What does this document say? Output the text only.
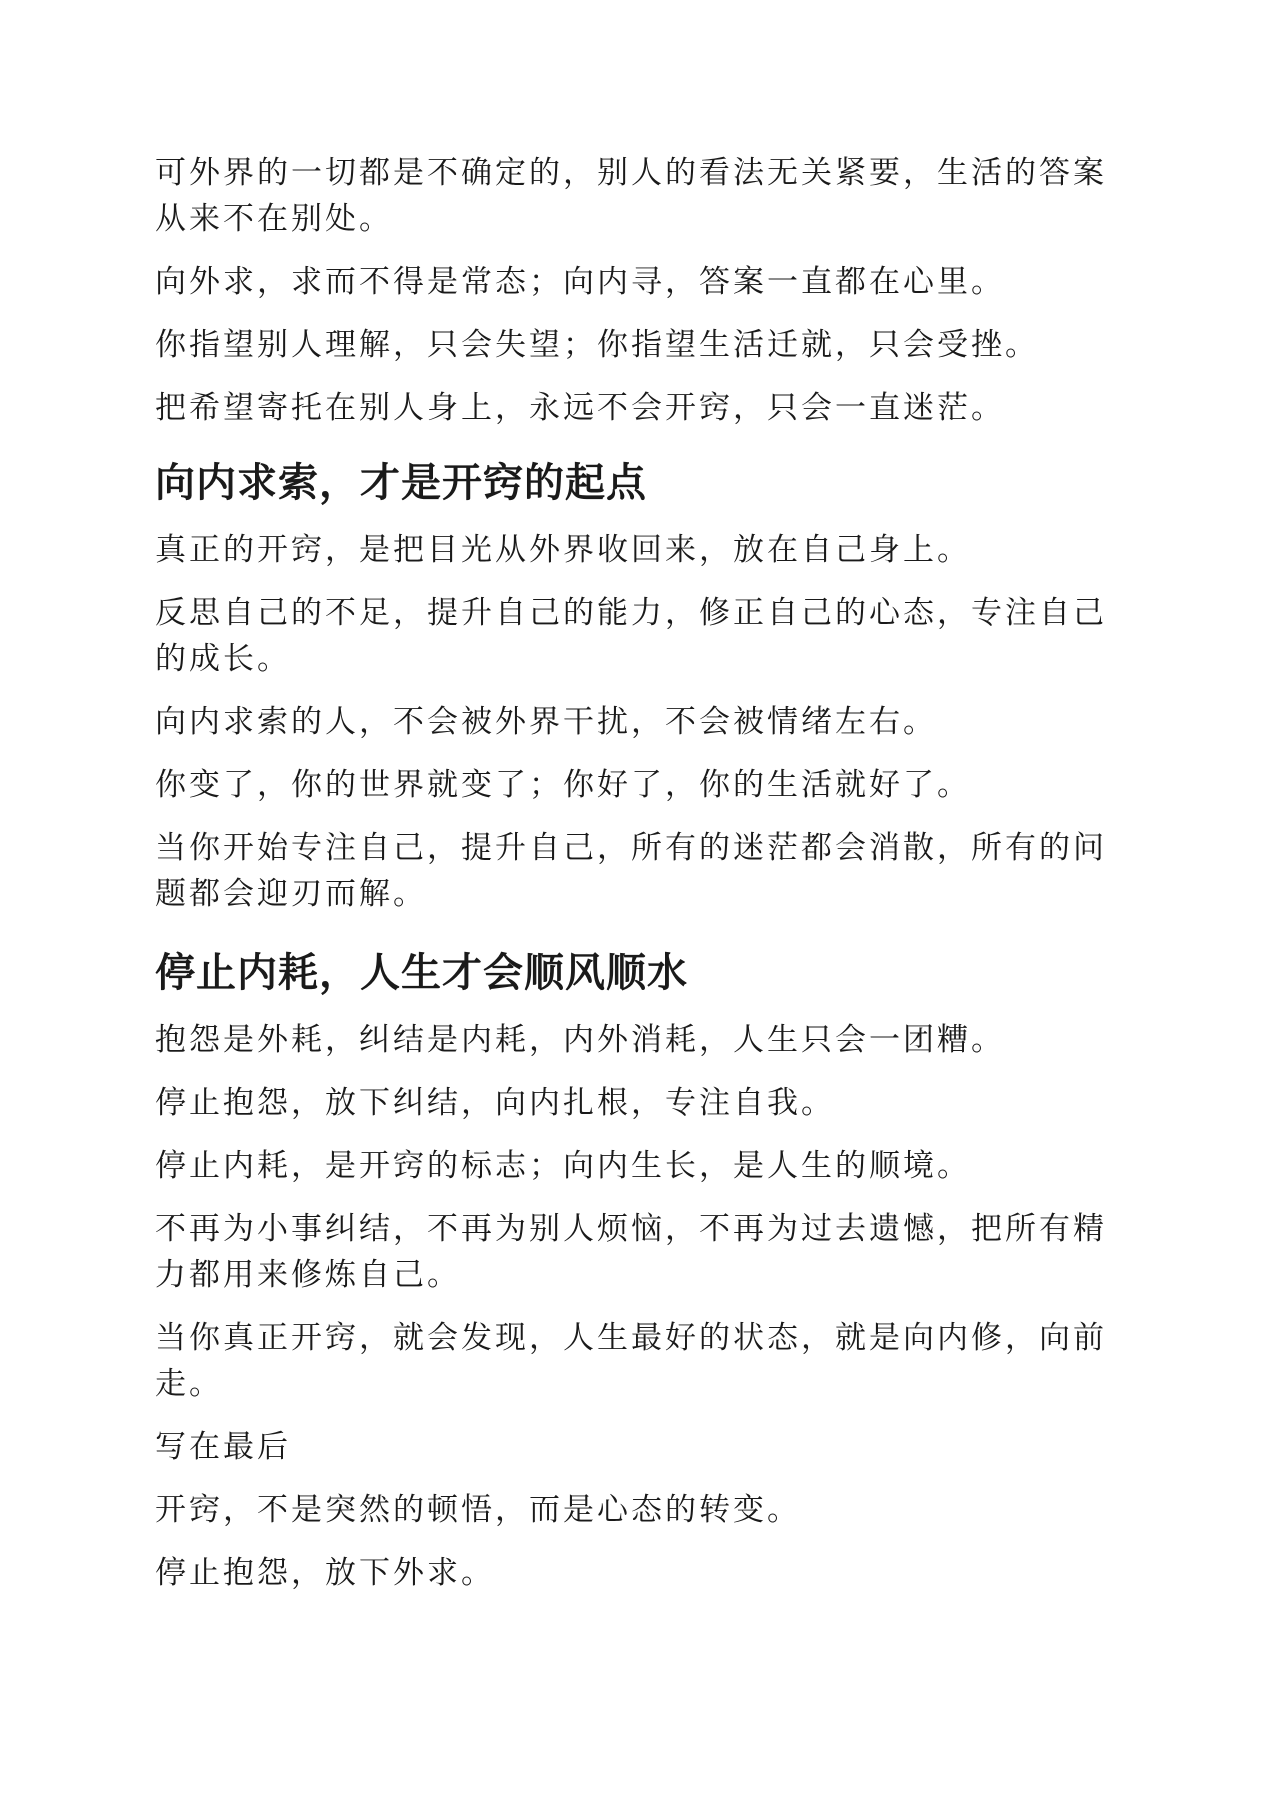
可外界的一切都是不确定的，别人的看法无关紧要，生活的答案从来不在别处。

向外求，求而不得是常态；向内寻，答案一直都在心里。

你指望别人理解，只会失望；你指望生活迁就，只会受挫。

把希望寄托在别人身上，永远不会开窍，只会一直迷茫。

向内求索，才是开窍的起点

真正的开窍，是把目光从外界收回来，放在自己身上。

反思自己的不足，提升自己的能力，修正自己的心态，专注自己的成长。

向内求索的人，不会被外界干扰，不会被情绪左右。

你变了，你的世界就变了；你好了，你的生活就好了。

当你开始专注自己，提升自己，所有的迷茫都会消散，所有的问题都会迎刃而解。

停止内耗，人生才会顺风顺水

抱怨是外耗，纠结是内耗，内外消耗，人生只会一团糟。

停止抱怨，放下纠结，向内扎根，专注自我。

停止内耗，是开窍的标志；向内生长，是人生的顺境。

不再为小事纠结，不再为别人烦恼，不再为过去遗憾，把所有精力都用来修炼自己。

当你真正开窍，就会发现，人生最好的状态，就是向内修，向前走。

写在最后

开窍，不是突然的顿悟，而是心态的转变。

停止抱怨，放下外求。
